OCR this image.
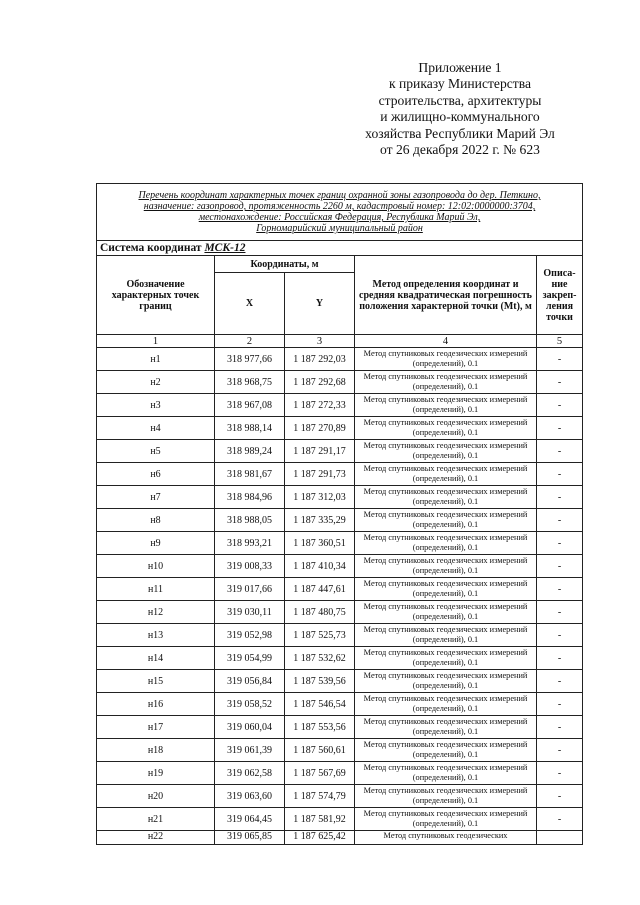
Приложение 1
к приказу Министерства
строительства, архитектуры
и жилищно-коммунального
хозяйства Республики Марий Эл
от 26 декабря 2022 г. № 623
Перечень координат характерных точек границ охранной зоны газопровода до дер. Петкино,
назначение: газопровод, протяженность 2260 м, кадастровый номер: 12:02:0000000:3704,
местонахождение: Российская Федерация, Республика Марий Эл,
Горномарийский муниципальный район				

Система координат МСК-12				
Обозначение характерных точек границ	Координаты, м		Метод определения координат и средняя квадратическая погрешность положения характерной точки (Mt), м	Описа- ние закреп- ления точки
	X	Y		
1	2	3	4	5
н1	318 977,66	1 187 292,03	Метод спутниковых геодезических измерений (определений), 0.1	-
н2	318 968,75	1 187 292,68	Метод спутниковых геодезических измерений (определений), 0.1	-
н3	318 967,08	1 187 272,33	Метод спутниковых геодезических измерений (определений), 0.1	-
н4	318 988,14	1 187 270,89	Метод спутниковых геодезических измерений (определений), 0.1	-
н5	318 989,24	1 187 291,17	Метод спутниковых геодезических измерений (определений), 0.1	-
н6	318 981,67	1 187 291,73	Метод спутниковых геодезических измерений (определений), 0.1	-
н7	318 984,96	1 187 312,03	Метод спутниковых геодезических измерений (определений), 0.1	-
н8	318 988,05	1 187 335,29	Метод спутниковых геодезических измерений (определений), 0.1	-
н9	318 993,21	1 187 360,51	Метод спутниковых геодезических измерений (определений), 0.1	-
н10	319 008,33	1 187 410,34	Метод спутниковых геодезических измерений (определений), 0.1	-
н11	319 017,66	1 187 447,61	Метод спутниковых геодезических измерений (определений), 0.1	-
н12	319 030,11	1 187 480,75	Метод спутниковых геодезических измерений (определений), 0.1	-
н13	319 052,98	1 187 525,73	Метод спутниковых геодезических измерений (определений), 0.1	-
н14	319 054,99	1 187 532,62	Метод спутниковых геодезических измерений (определений), 0.1	-
н15	319 056,84	1 187 539,56	Метод спутниковых геодезических измерений (определений), 0.1	-
н16	319 058,52	1 187 546,54	Метод спутниковых геодезических измерений (определений), 0.1	-
н17	319 060,04	1 187 553,56	Метод спутниковых геодезических измерений (определений), 0.1	-
н18	319 061,39	1 187 560,61	Метод спутниковых геодезических измерений (определений), 0.1	-
н19	319 062,58	1 187 567,69	Метод спутниковых геодезических измерений (определений), 0.1	-
н20	319 063,60	1 187 574,79	Метод спутниковых геодезических измерений (определений), 0.1	-
н21	319 064,45	1 187 581,92	Метод спутниковых геодезических измерений (определений), 0.1	-
н22	319 065,85	1 187 625,42	Метод спутниковых геодезических	
